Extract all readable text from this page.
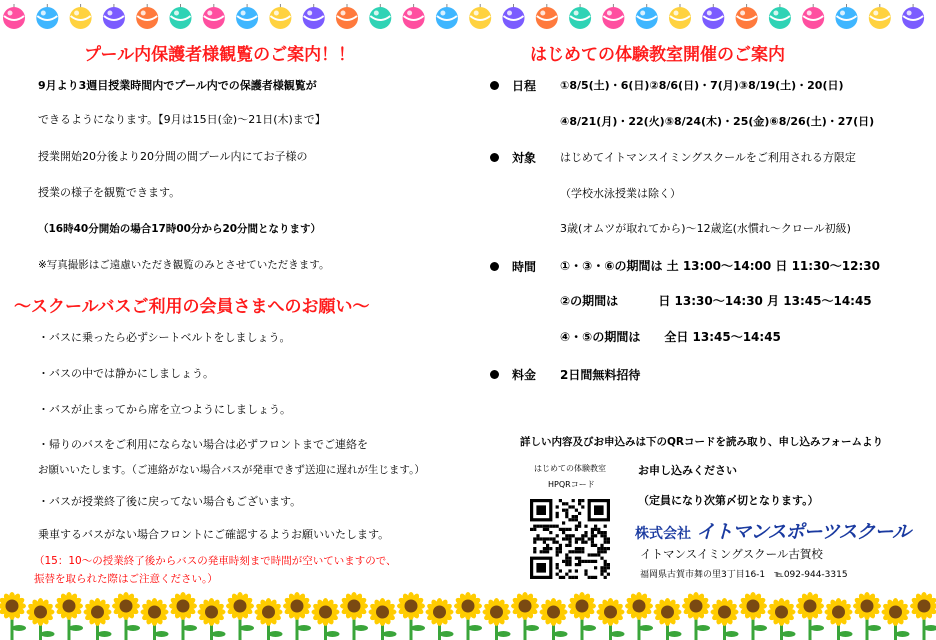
プール内保護者様観覧のご案内！！
9月より3週目授業時間内でプール内での保護者様観覧が
できるようになります。【9月は15日(金)～21日(木)まで】
授業開始20分後より20分間の間プール内にてお子様の
授業の様子を観覧できます。
（16時40分開始の場合17時00分から20分間となります）
※写真撮影はご遠慮いただき観覧のみとさせていただきます。
～スクールバスご利用の会員さまへのお願い～
・バスに乗ったら必ずシートベルトをしましょう。
・バスの中では静かにしましょう。
・バスが止まってから席を立つようにしましょう。
・帰りのバスをご利用にならない場合は必ずフロントまでご連絡を
お願いいたします。（ご連絡がない場合バスが発車できず送迎に遅れが生じます。）
・バスが授業終了後に戻ってない場合もございます。
乗車するバスがない場合フロントにご確認するようお願いいたします。
（15：10～の授業終了後からバスの発車時刻まで時間が空いていますので、
振替を取られた際はご注意ください。）
はじめての体験教室開催のご案内
日程 ①8/5(土)・6(日)②8/6(日)・7(月)③8/19(土)・20(日)
④8/21(月)・22(火)⑤8/24(木)・25(金)⑥8/26(土)・27(日)
対象 はじめてイトマンスイミングスクールをご利用される方限定
（学校水泳授業は除く）
3歳(オムツが取れてから)～12歳迄(水慣れ～クロール初級)
時間 ①・③・⑥の期間は 土 13:00～14:00 日 11:30～12:30
②の期間は　　　 日 13:30～14:30 月 13:45～14:45
④・⑤の期間は　　全日 13:45～14:45
料金 2日間無料招待
詳しい内容及びお申込みは下のQRコードを読み取り、申し込みフォームより
はじめての体験教室
HPQRコード
お申し込みください
（定員になり次第〆切となります。）
株式会社 イトマンスポーツスクール
イトマンスイミングスクール古賀校
福岡県古賀市舞の里3丁目16-1　℡092-944-3315
